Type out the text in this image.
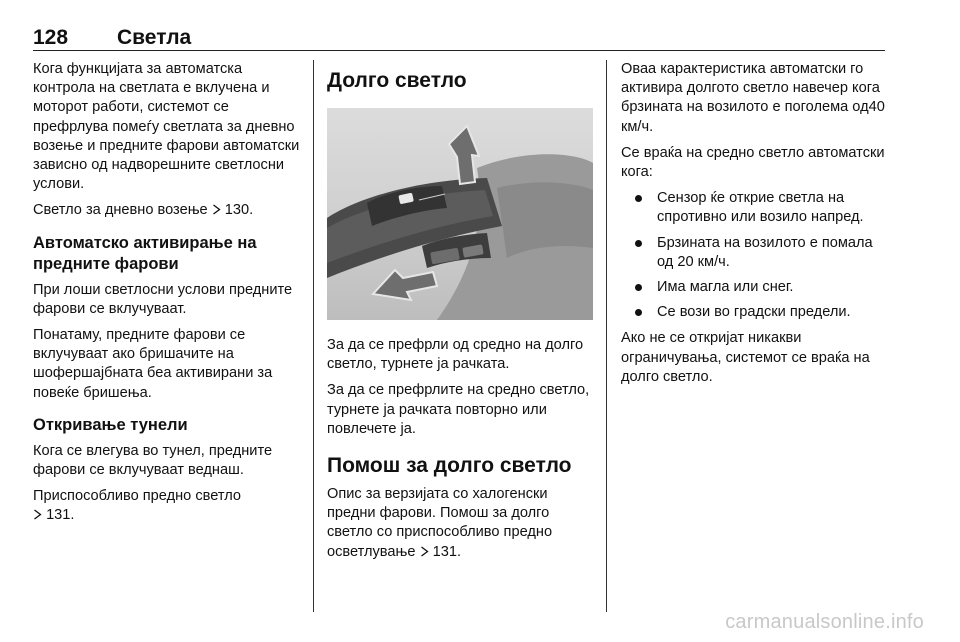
128 Светла

Кога функцијата за автоматска контрола на светлата е вклучена и моторот работи, системот се префрлува помеѓу светлата за дневно возење и предните фарови автоматски зависно од надворешните светлосни услови.

Светло за дневно возење  130.

Автоматско активирање на предните фарови

При лоши светлосни услови предните фарови се вклучуваат.

Понатаму, предните фарови се вклучуваат ако бришачите на шофершајбната беа активирани за повеќе бришења.

Откривање тунели

Кога се влегува во тунел, предните фарови се вклучуваат веднаш.

Приспособливо предно светло
131.

Долго светло

За да се префрли од средно на долго светло, турнете ја рачката.

За да се префрлите на средно светло, турнете ја рачката повторно или повлечете ја.

Помош за долго светло

Опис за верзијата со халогенски предни фарови. Помош за долго светло со приспособливо предно осветлување  131.

Оваа карактеристика автоматски го активира долгото светло навечер кога брзината на возилото е поголема од40 км/ч.

Се враќа на средно светло автоматски кога:

Сензор ќе открие светла на спротивно или возило напред.
Брзината на возилото е помала од 20 км/ч.
Има магла или снег.
Се вози во градски предели.

Ако не се откријат никакви ограничувања, системот се враќа на долго светло.

carmanualsonline.info
